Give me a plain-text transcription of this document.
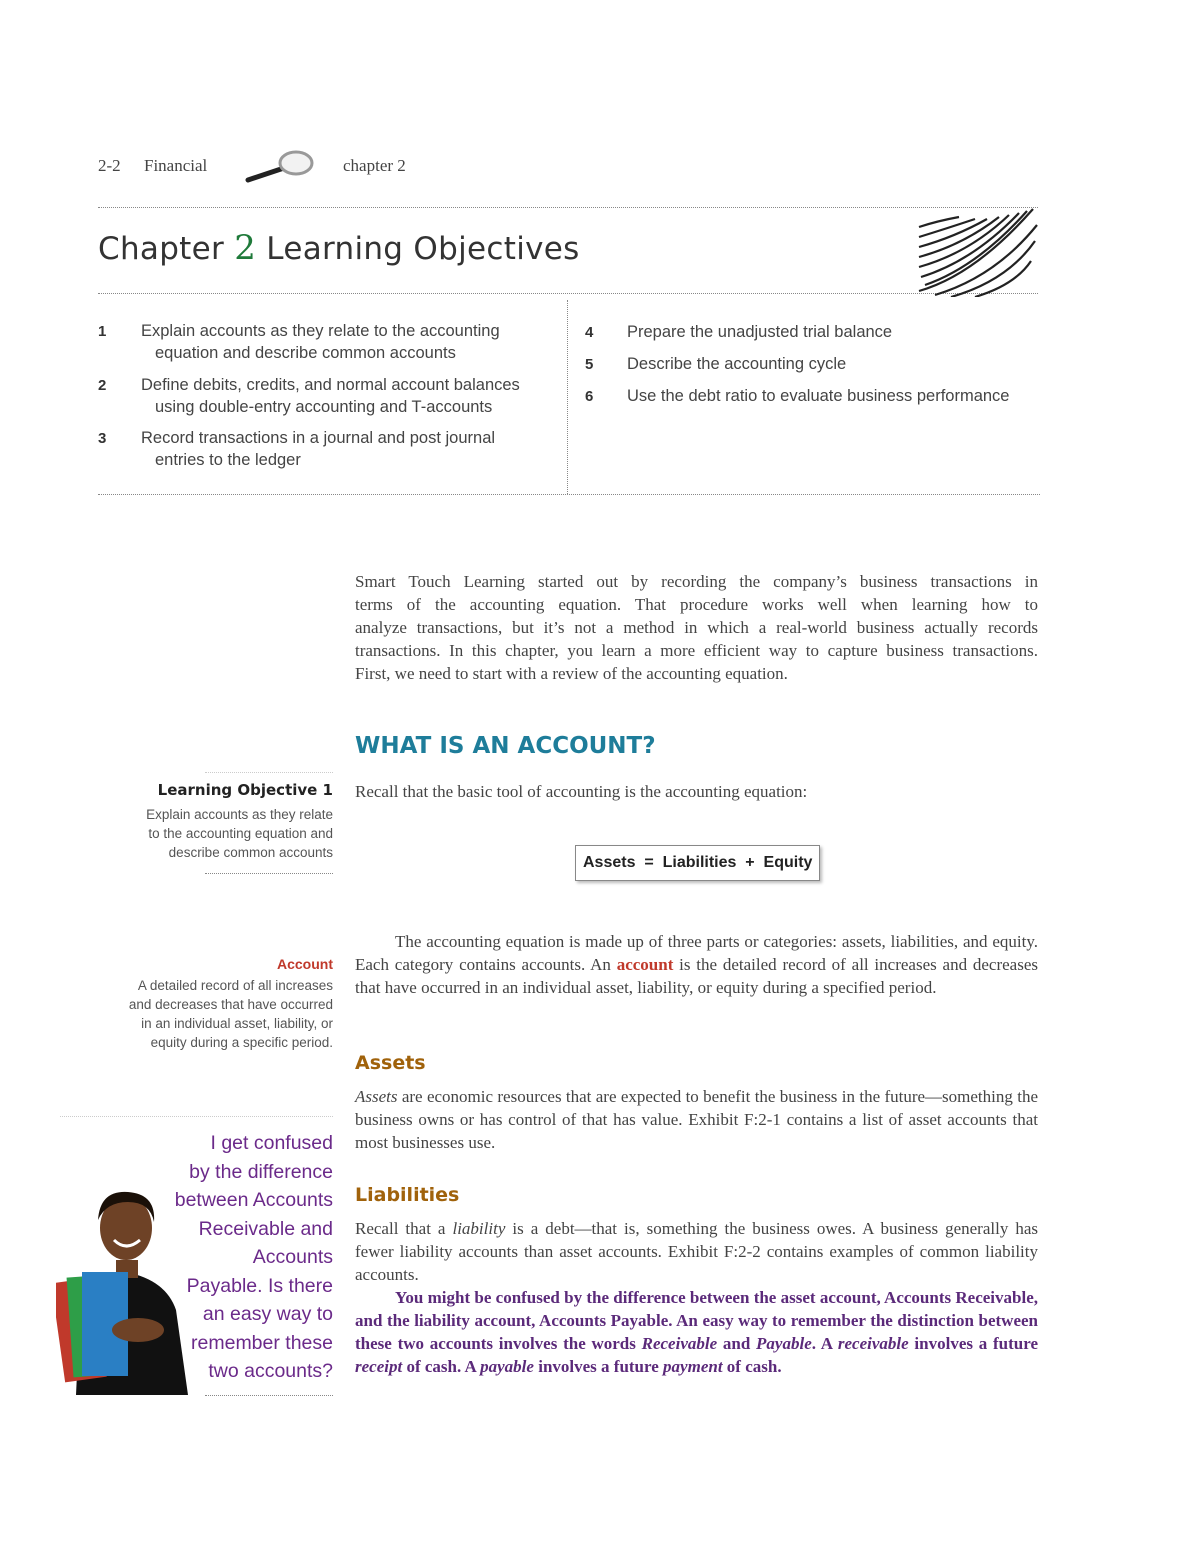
2-2 Financial	chapter 2
Chapter 2 Learning Objectives
1 Explain accounts as they relate to the accounting
equation and describe common accounts
2 Define debits, credits, and normal account balances
using double-entry accounting and T-accounts
3 Record transactions in a journal and post journal
entries to the ledger
4 Prepare the unadjusted trial balance
5 Describe the accounting cycle
6 Use the debt ratio to evaluate business performance
Smart Touch Learning started out by recording the company’s business transactions in
terms of the accounting equation. That procedure works well when learning how to
analyze transactions, but it’s not a method in which a real-world business actually records
transactions. In this chapter, you learn a more efficient way to capture business transactions.
First, we need to start with a review of the accounting equation.
WHAT IS AN ACCOUNT?
Learning Objective 1
Explain accounts as they relate
to the accounting equation and
describe common accounts
Recall that the basic tool of accounting is the accounting equation:
Assets  =  Liabilities  +  Equity
Account
A detailed record of all increases
and decreases that have occurred
in an individual asset, liability, or
equity during a specific period.
The accounting equation is made up of three parts or categories: assets, liabilities, and equity. Each category contains accounts. An account is the detailed record of all increases and decreases that have occurred in an individual asset, liability, or equity during a specified period.
Assets
Assets are economic resources that are expected to benefit the business in the future—something the business owns or has control of that has value. Exhibit F:2-1 contains a list of asset accounts that most businesses use.
I get confused
by the difference
between Accounts
Receivable and
Accounts
Payable. Is there
an easy way to
remember these
two accounts?
Liabilities
Recall that a liability is a debt—that is, something the business owes. A business generally has fewer liability accounts than asset accounts. Exhibit F:2-2 contains examples of common liability accounts.
You might be confused by the difference between the asset account, Accounts Receivable, and the liability account, Accounts Payable. An easy way to remember the distinction between these two accounts involves the words Receivable and Payable. A receivable involves a future receipt of cash. A payable involves a future payment of cash.
